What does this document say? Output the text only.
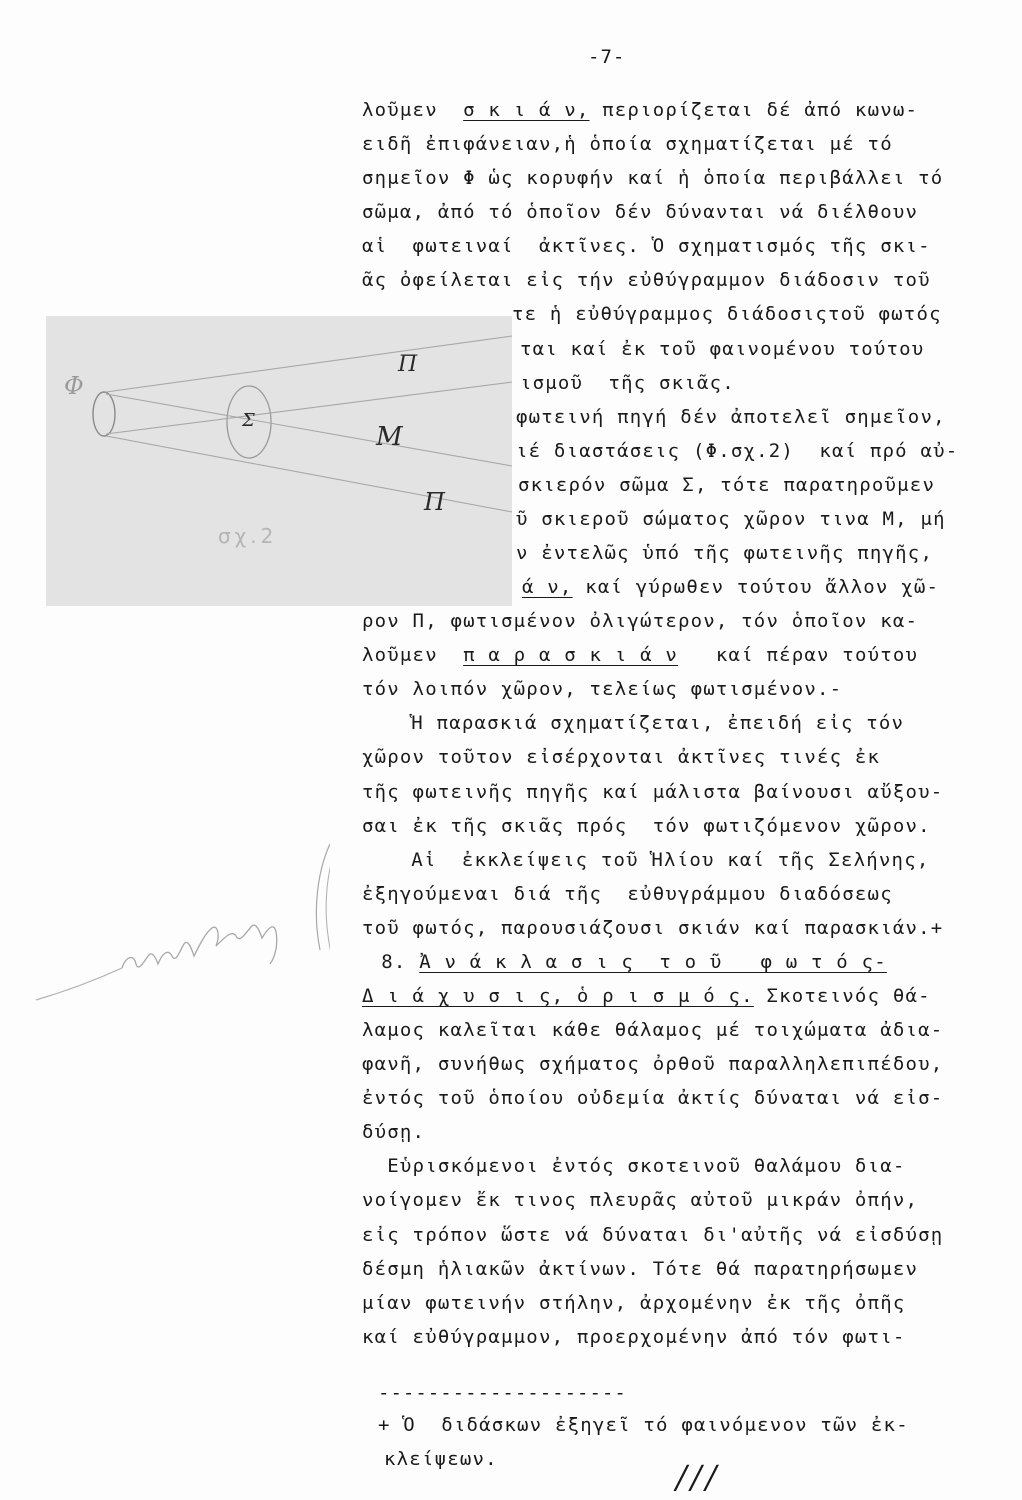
-7-
λοῦμεν  σ κ ι ά ν, περιορίζεται δέ ἀπό κωνω-
ειδῆ ἐπιφάνειαν,ἡ ὁποία σχηματίζεται μέ τό
σημεῖον Φ ὡς κορυφήν καί ἡ ὁποία περιβάλλει τό
σῶμα, ἀπό τό ὁποῖον δέν δύνανται νά διέλθουν
αἱ  φωτειναί  ἀκτῖνες. Ὁ σχηματισμός τῆς σκι-
ᾶς ὀφείλεται εἰς τήν εὐθύγραμμον διάδοσιν τοῦ
τε ἡ εὐθύγραμμος διάδοσιςτοῦ φωτός
ται καί ἐκ τοῦ φαινομένου τούτου
ισμοῦ  τῆς σκιᾶς.
φωτεινή πηγή δέν ἀποτελεῖ σημεῖον,
ιέ διαστάσεις (Φ.σχ.2)  καί πρό αὐ-
σκιερόν σῶμα Σ, τότε παρατηροῦμεν
ῦ σκιεροῦ σώματος χῶρον τινα Μ, μή
ν ἐντελῶς ὑπό τῆς φωτεινῆς πηγῆς,
ά ν, καί γύρωθεν τούτου ἄλλον χῶ-
ρον Π, φωτισμένον ὀλιγώτερον, τόν ὁποῖον κα-
λοῦμεν  π α ρ α σ κ ι ά ν   καί πέραν τούτου
τόν λοιπόν χῶρον, τελείως φωτισμένον.-
Ἡ παρασκιά σχηματίζεται, ἐπειδή εἰς τόν
χῶρον τοῦτον εἰσέρχονται ἀκτῖνες τινές ἐκ
τῆς φωτεινῆς πηγῆς καί μάλιστα βαίνουσι αὔξου-
σαι ἐκ τῆς σκιᾶς πρός  τόν φωτιζόμενον χῶρον.
Αἱ  ἐκκλείψεις τοῦ Ἡλίου καί τῆς Σελήνης,
ἐξηγούμεναι διά τῆς  εὐθυγράμμου διαδόσεως
τοῦ φωτός, παρουσιάζουσι σκιάν καί παρασκιάν.+
8. Ἀ ν ά κ λ α σ ι ς  τ ο ῦ   φ ω τ ό ς-
Δ ι ά χ υ σ ι ς, ὁ ρ ι σ μ ό ς. Σκοτεινός θά-
λαμος καλεῖται κάθε θάλαμος μέ τοιχώματα ἀδια-
φανῆ, συνήθως σχήματος ὀρθοῦ παραλληλεπιπέδου,
ἐντός τοῦ ὁποίου οὐδεμία ἀκτίς δύναται νά εἰσ-
δύσῃ.
Εὑρισκόμενοι ἐντός σκοτεινοῦ θαλάμου δια-
νοίγομεν ἔκ τινος πλευρᾶς αὐτοῦ μικράν ὀπήν,
εἰς τρόπον ὥστε νά δύναται δι'αὐτῆς νά εἰσδύσῃ
δέσμη ἡλιακῶν ἀκτίνων. Τότε θά παρατηρήσωμεν
μίαν φωτεινήν στήλην, ἀρχομένην ἐκ τῆς ὀπῆς
καί εὐθύγραμμον, προερχομένην ἀπό τόν φωτι-
--------------------
+ Ὁ  διδάσκων ἐξηγεῖ τό φαινόμενον τῶν ἐκ-
κλείψεων.	///
Φ
Σ
Μ
Π
Π
σχ.2
